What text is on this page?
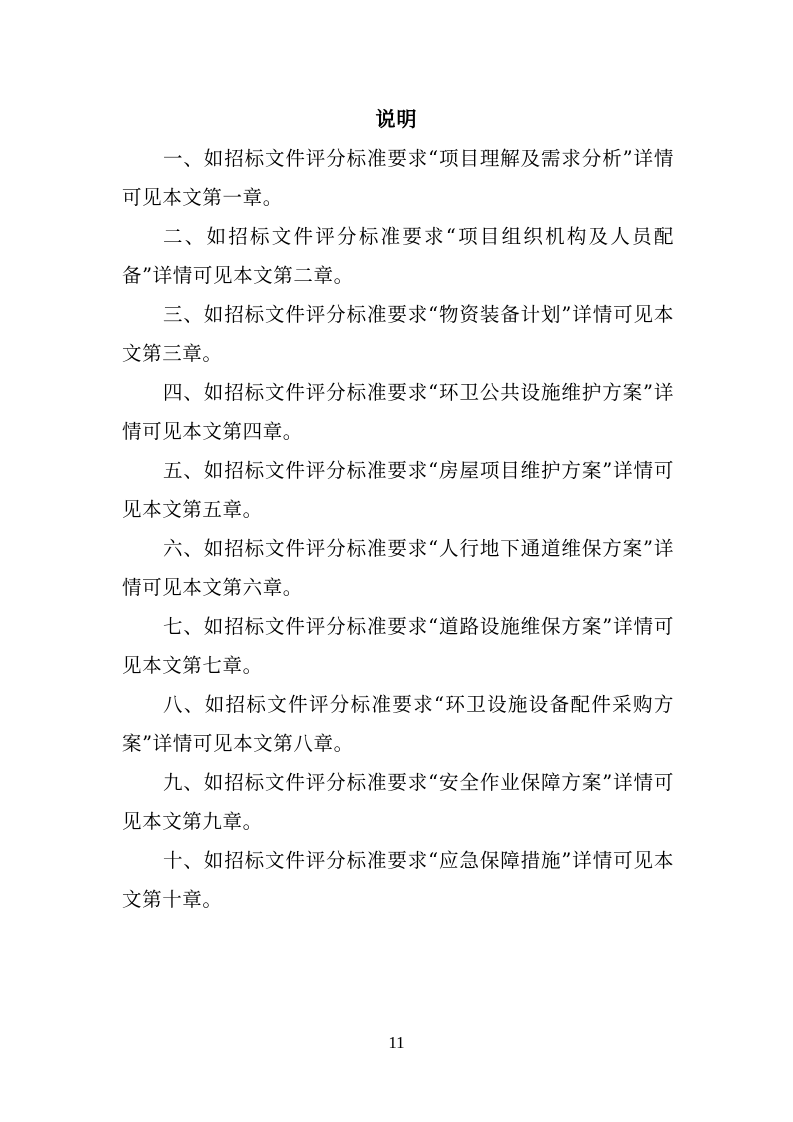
说明

一、如招标文件评分标准要求“项目理解及需求分析”详情可见本文第一章。

二、如招标文件评分标准要求“项目组织机构及人员配备”详情可见本文第二章。

三、如招标文件评分标准要求“物资装备计划”详情可见本文第三章。

四、如招标文件评分标准要求“环卫公共设施维护方案”详情可见本文第四章。

五、如招标文件评分标准要求“房屋项目维护方案”详情可见本文第五章。

六、如招标文件评分标准要求“人行地下通道维保方案”详情可见本文第六章。

七、如招标文件评分标准要求“道路设施维保方案”详情可见本文第七章。

八、如招标文件评分标准要求“环卫设施设备配件采购方案”详情可见本文第八章。

九、如招标文件评分标准要求“安全作业保障方案”详情可见本文第九章。

十、如招标文件评分标准要求“应急保障措施”详情可见本文第十章。

11
